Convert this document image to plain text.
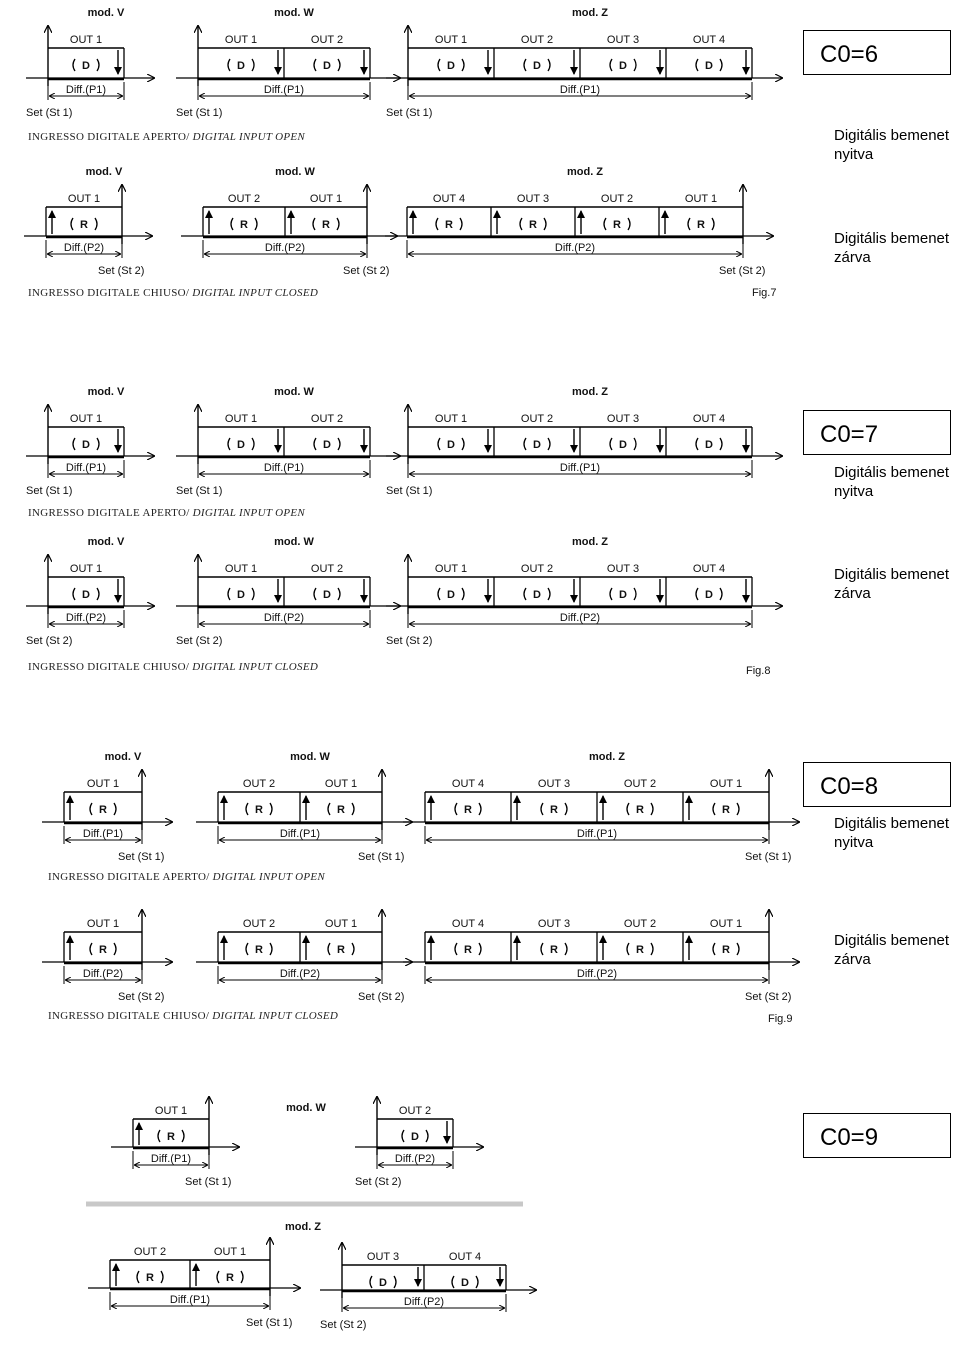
mod. V
OUT 1
D
Diff.(P1)
Set (St 1)
mod. W
OUT 1
D
OUT 2
D
Diff.(P1)
Set (St 1)
mod. Z
OUT 1
D
OUT 2
D
OUT 3
D
OUT 4
D
Diff.(P1)
Set (St 1)
INGRESSO DIGITALE APERTO/ DIGITAL INPUT OPEN
mod. V
OUT 1
R
Diff.(P2)
Set (St 2)
mod. W
OUT 2
R
OUT 1
R
Diff.(P2)
Set (St 2)
mod. Z
OUT 4
R
OUT 3
R
OUT 2
R
OUT 1
R
Diff.(P2)
Set (St 2)
INGRESSO DIGITALE CHIUSO/ DIGITAL INPUT CLOSED
mod. V
OUT 1
D
Diff.(P1)
Set (St 1)
mod. W
OUT 1
D
OUT 2
D
Diff.(P1)
Set (St 1)
mod. Z
OUT 1
D
OUT 2
D
OUT 3
D
OUT 4
D
Diff.(P1)
Set (St 1)
INGRESSO DIGITALE APERTO/ DIGITAL INPUT OPEN
mod. V
OUT 1
D
Diff.(P2)
Set (St 2)
mod. W
OUT 1
D
OUT 2
D
Diff.(P2)
Set (St 2)
mod. Z
OUT 1
D
OUT 2
D
OUT 3
D
OUT 4
D
Diff.(P2)
Set (St 2)
INGRESSO DIGITALE CHIUSO/ DIGITAL INPUT CLOSED
mod. V
OUT 1
R
Diff.(P1)
Set (St 1)
mod. W
OUT 2
R
OUT 1
R
Diff.(P1)
Set (St 1)
mod. Z
OUT 4
R
OUT 3
R
OUT 2
R
OUT 1
R
Diff.(P1)
Set (St 1)
INGRESSO DIGITALE APERTO/ DIGITAL INPUT OPEN
OUT 1
R
Diff.(P2)
Set (St 2)
OUT 2
R
OUT 1
R
Diff.(P2)
Set (St 2)
OUT 4
R
OUT 3
R
OUT 2
R
OUT 1
R
Diff.(P2)
Set (St 2)
INGRESSO DIGITALE CHIUSO/ DIGITAL INPUT CLOSED
Fig.7
Fig.8
Fig.9
mod. W
mod. Z
OUT 1
R
Diff.(P1)
Set (St 1)
OUT 2
D
Diff.(P2)
Set (St 2)
OUT 2
R
OUT 1
R
Diff.(P1)
Set (St 1)
OUT 3
D
OUT 4
D
Diff.(P2)
Set (St 2)
C0=6
C0=7
C0=8
C0=9
Digitális bemenet nyitva
Digitális bemenet zárva
Digitális bemenet nyitva
Digitális bemenet zárva
Digitális bemenet nyitva
Digitális bemenet zárva
